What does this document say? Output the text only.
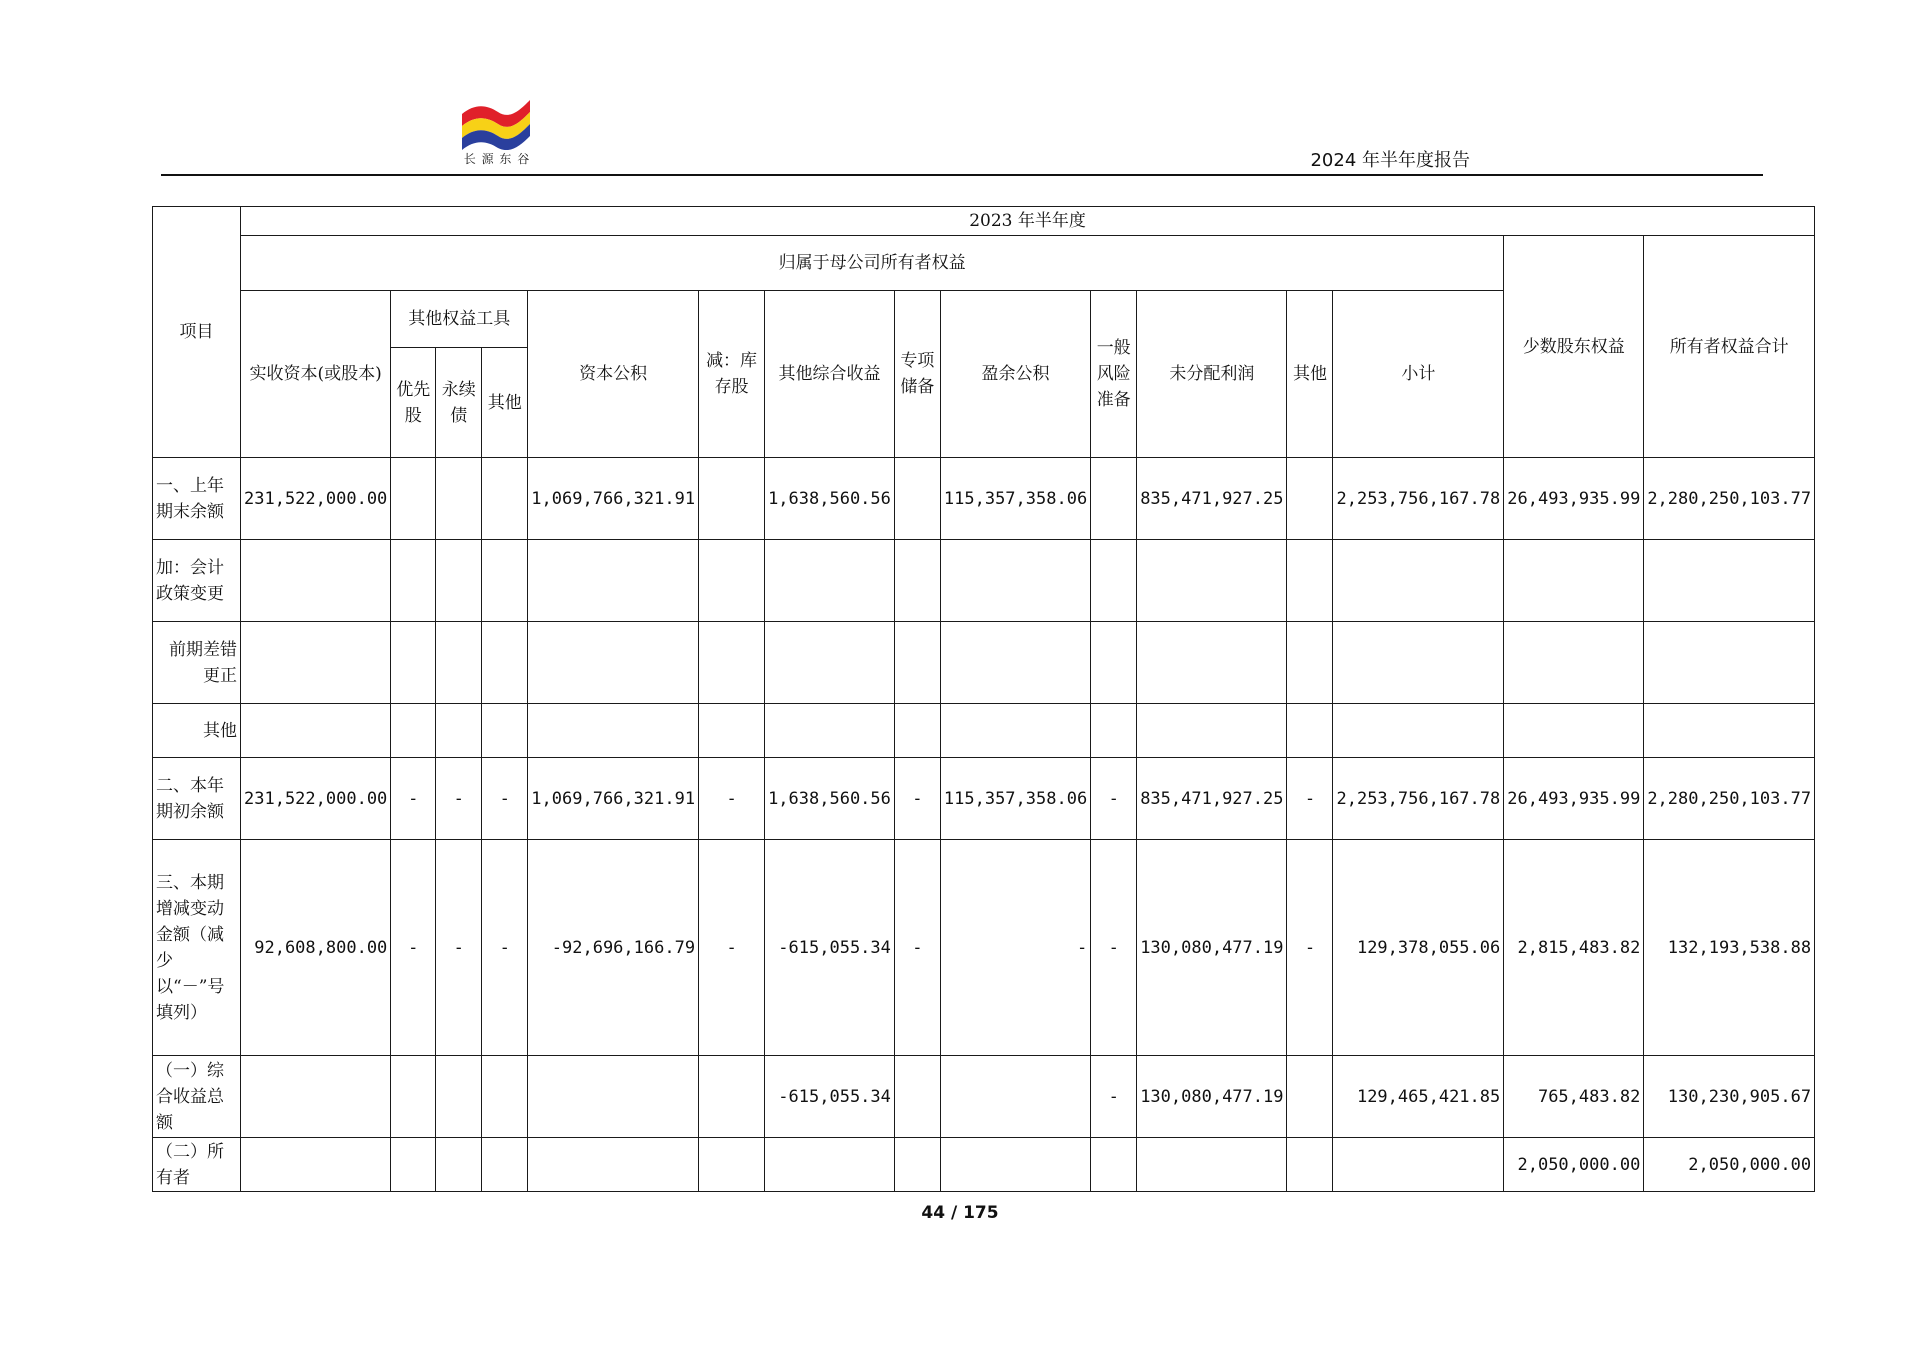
长 源 东 谷	2024 年半年度报告
项目	2023 年半年度														
	归属于母公司所有者权益													少数股东权益	所有者权益合计
	实收资本(或股本)	其他权益工具			资本公积	减：库存股	其他综合收益	专项储备	盈余公积	一般风险准备	未分配利润	其他	小计		
		优先股	永续债	其他											
一、上年期末余额	231,522,000.00				1,069,766,321.91		1,638,560.56		115,357,358.06		835,471,927.25		2,253,756,167.78	26,493,935.99	2,280,250,103.77
加：会计政策变更															

前期差错更正															

其他															

二、本年期初余额	231,522,000.00	-	-	-	1,069,766,321.91	-	1,638,560.56	-	115,357,358.06	-	835,471,927.25	-	2,253,756,167.78	26,493,935.99	2,280,250,103.77
三、本期增减变动金额（减少以“－”号填列）	92,608,800.00	-	-	-	-92,696,166.79	-	-615,055.34	-	-	-	130,080,477.19	-	129,378,055.06	2,815,483.82	132,193,538.88
（一）综合收益总额							-615,055.34			-	130,080,477.19		129,465,421.85	765,483.82	130,230,905.67
（二）所有者														2,050,000.00	2,050,000.00
44 / 175
